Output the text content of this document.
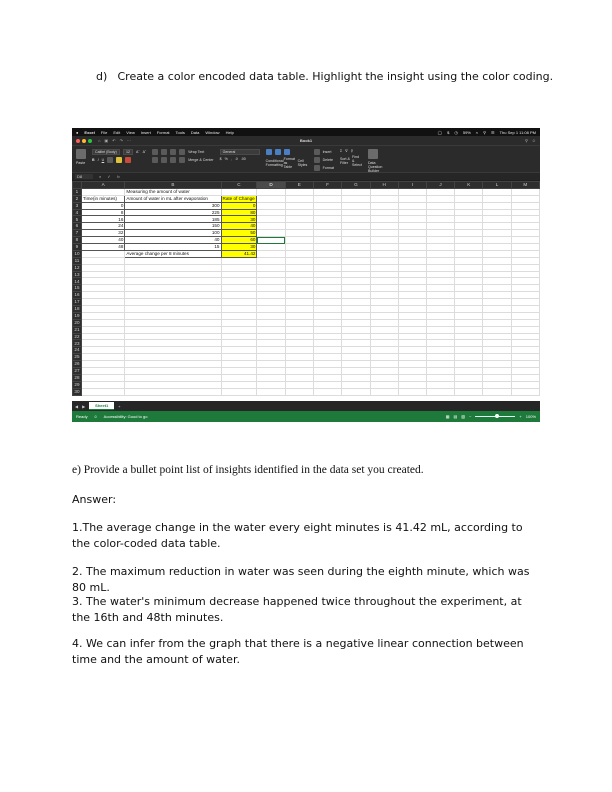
d) Create a color encoded data table. Highlight the insight using the color coding.
● Excel File Edit View Insert Format Tools Data Window Help	◯ $ ◷ 59% ≈ ⚲ ☰ Thu Sep 1 11:08 PM
⌂ ▣ ↶ ↷ ⋯	Book1	⚲ ☺
Paste
Calibri (Body)	12	Aˆ Aˇ
B I U
Wrap Text
Merge & Center
General
$ % , .0 .00	Conditional Formatting
Format as Table
Cell Styles
Insert
Delete
Format
Σ ∇ ⚲
Sort & Filter
Find & Select Data Question Builder
D8	× ✓ fx
	A	B	C	D	E	F	G	H	I	J	K	L	M
1		Measuring the amount of water											
2	Time(in minutes)	Amount of water in mL after evaporation	Rate of Change										
3	0	300	0										
4	8	225	80										
5	16	185	30										
6	24	150	40										
7	32	100	50										
8	40	40	60										
9	48	15	30										
10		Average change per 8 minutes	41.42										
11													
12													
13													
14													
15													
16													
17													
18													
19													
20													
21													
22													
23													
24													
25													
26													
27													
28													
29													
30													
◀ ▶	Sheet1	+
Ready ☺ Accessibility: Good to go	▦ ▤ ▧ −	+ 100%
e) Provide a bullet point list of insights identified in the data set you created.
Answer:
1.The average change in the water every eight minutes is 41.42 mL, according to the color-coded data table.
2. The maximum reduction in water was seen during the eighth minute, which was 80 mL.
3. The water's minimum decrease happened twice throughout the experiment, at the 16th and 48th minutes.
4. We can infer from the graph that there is a negative linear connection between time and the amount of water.
